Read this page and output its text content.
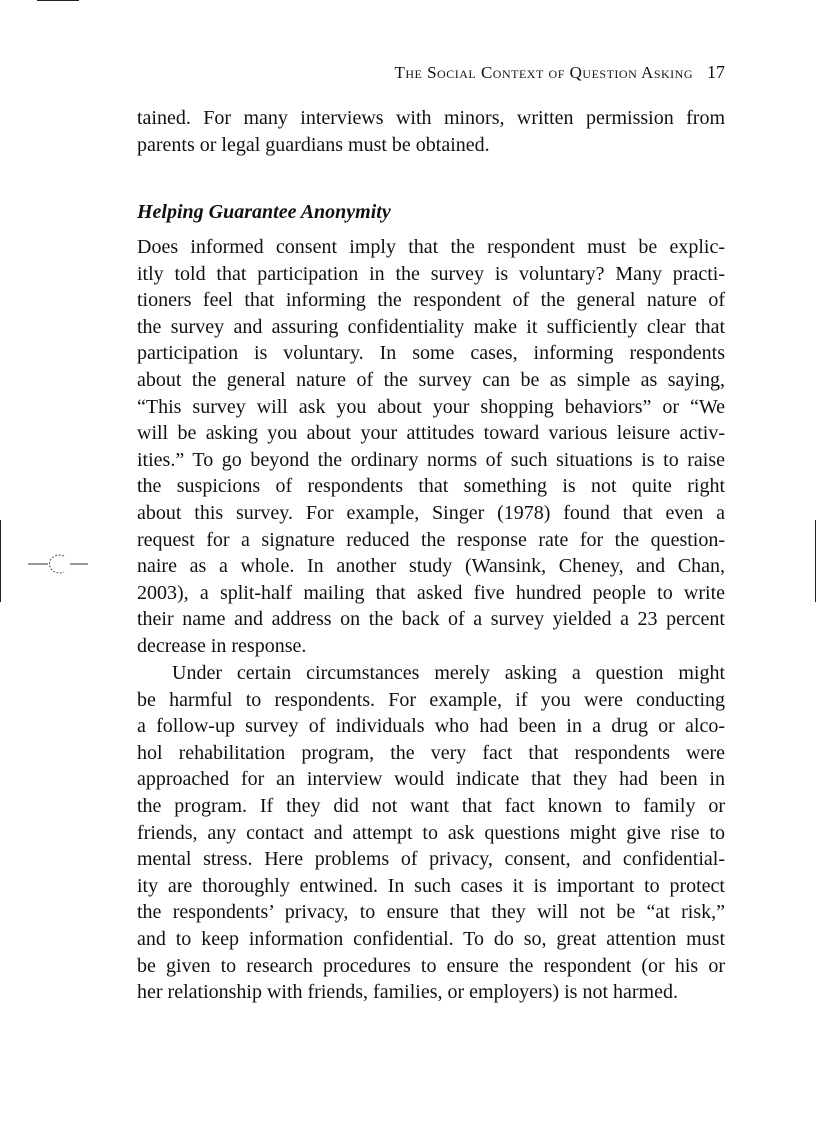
The Social Context of Question Asking 17
tained. For many interviews with minors, written permission from
parents or legal guardians must be obtained.
Helping Guarantee Anonymity
Does informed consent imply that the respondent must be explic-
itly told that participation in the survey is voluntary? Many practi-
tioners feel that informing the respondent of the general nature of
the survey and assuring confidentiality make it sufficiently clear that
participation is voluntary. In some cases, informing respondents
about the general nature of the survey can be as simple as saying,
“This survey will ask you about your shopping behaviors” or “We
will be asking you about your attitudes toward various leisure activ-
ities.” To go beyond the ordinary norms of such situations is to raise
the suspicions of respondents that something is not quite right
about this survey. For example, Singer (1978) found that even a
request for a signature reduced the response rate for the question-
naire as a whole. In another study (Wansink, Cheney, and Chan,
2003), a split-half mailing that asked five hundred people to write
their name and address on the back of a survey yielded a 23 percent
decrease in response.
Under certain circumstances merely asking a question might
be harmful to respondents. For example, if you were conducting
a follow-up survey of individuals who had been in a drug or alco-
hol rehabilitation program, the very fact that respondents were
approached for an interview would indicate that they had been in
the program. If they did not want that fact known to family or
friends, any contact and attempt to ask questions might give rise to
mental stress. Here problems of privacy, consent, and confidential-
ity are thoroughly entwined. In such cases it is important to protect
the respondents’ privacy, to ensure that they will not be “at risk,”
and to keep information confidential. To do so, great attention must
be given to research procedures to ensure the respondent (or his or
her relationship with friends, families, or employers) is not harmed.
